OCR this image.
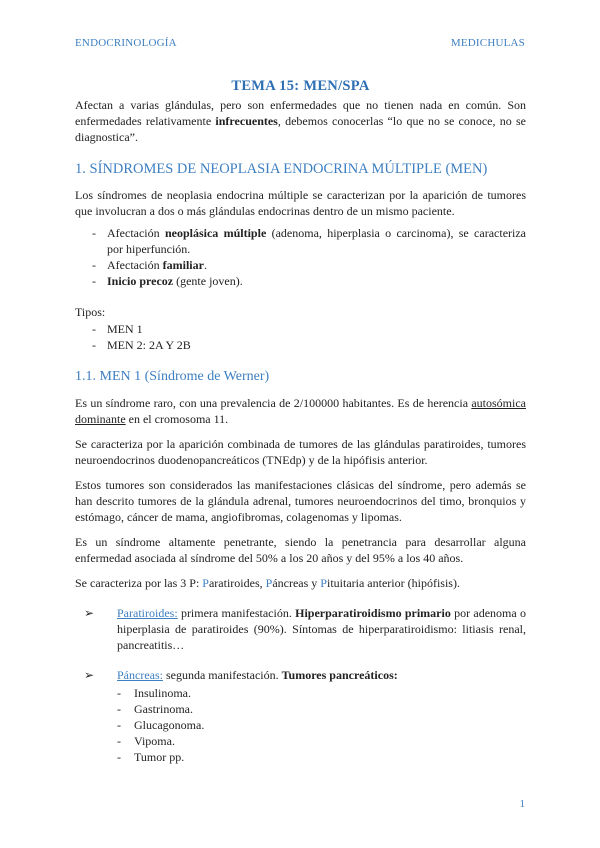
ENDOCRINOLOGÍA	MEDICHULAS
TEMA 15: MEN/SPA

Afectan a varias glándulas, pero son enfermedades que no tienen nada en común. Son enfermedades relativamente infrecuentes, debemos conocerlas “lo que no se conoce, no se diagnostica”.

1. SÍNDROMES DE NEOPLASIA ENDOCRINA MÚLTIPLE (MEN)

Los síndromes de neoplasia endocrina múltiple se caracterizan por la aparición de tumores que involucran a dos o más glándulas endocrinas dentro de un mismo paciente.

- Afectación neoplásica múltiple (adenoma, hiperplasia o carcinoma), se caracteriza por hiperfunción.
- Afectación familiar.
- Inicio precoz (gente joven).

Tipos:

- MEN 1
- MEN 2: 2A Y 2B
1.1. MEN 1 (Síndrome de Werner)

Es un síndrome raro, con una prevalencia de 2/100000 habitantes. Es de herencia autosómica dominante en el cromosoma 11.

Se caracteriza por la aparición combinada de tumores de las glándulas paratiroides, tumores neuroendocrinos duodenopancreáticos (TNEdp) y de la hipófisis anterior.

Estos tumores son considerados las manifestaciones clásicas del síndrome, pero además se han descrito tumores de la glándula adrenal, tumores neuroendocrinos del timo, bronquios y estómago, cáncer de mama, angiofibromas, colagenomas y lipomas.

Es un síndrome altamente penetrante, siendo la penetrancia para desarrollar alguna enfermedad asociada al síndrome del 50% a los 20 años y del 95% a los 40 años.

Se caracteriza por las 3 P: Paratiroides, Páncreas y Pituitaria anterior (hipófisis).

➢ Paratiroides: primera manifestación. Hiperparatiroidismo primario por adenoma o hiperplasia de paratiroides (90%). Síntomas de hiperparatiroidismo: litiasis renal, pancreatitis…
➢ Páncreas: segunda manifestación. Tumores pancreáticos:
- Insulinoma.
- Gastrinoma.
- Glucagonoma.
- Vipoma.
- Tumor pp.
1
